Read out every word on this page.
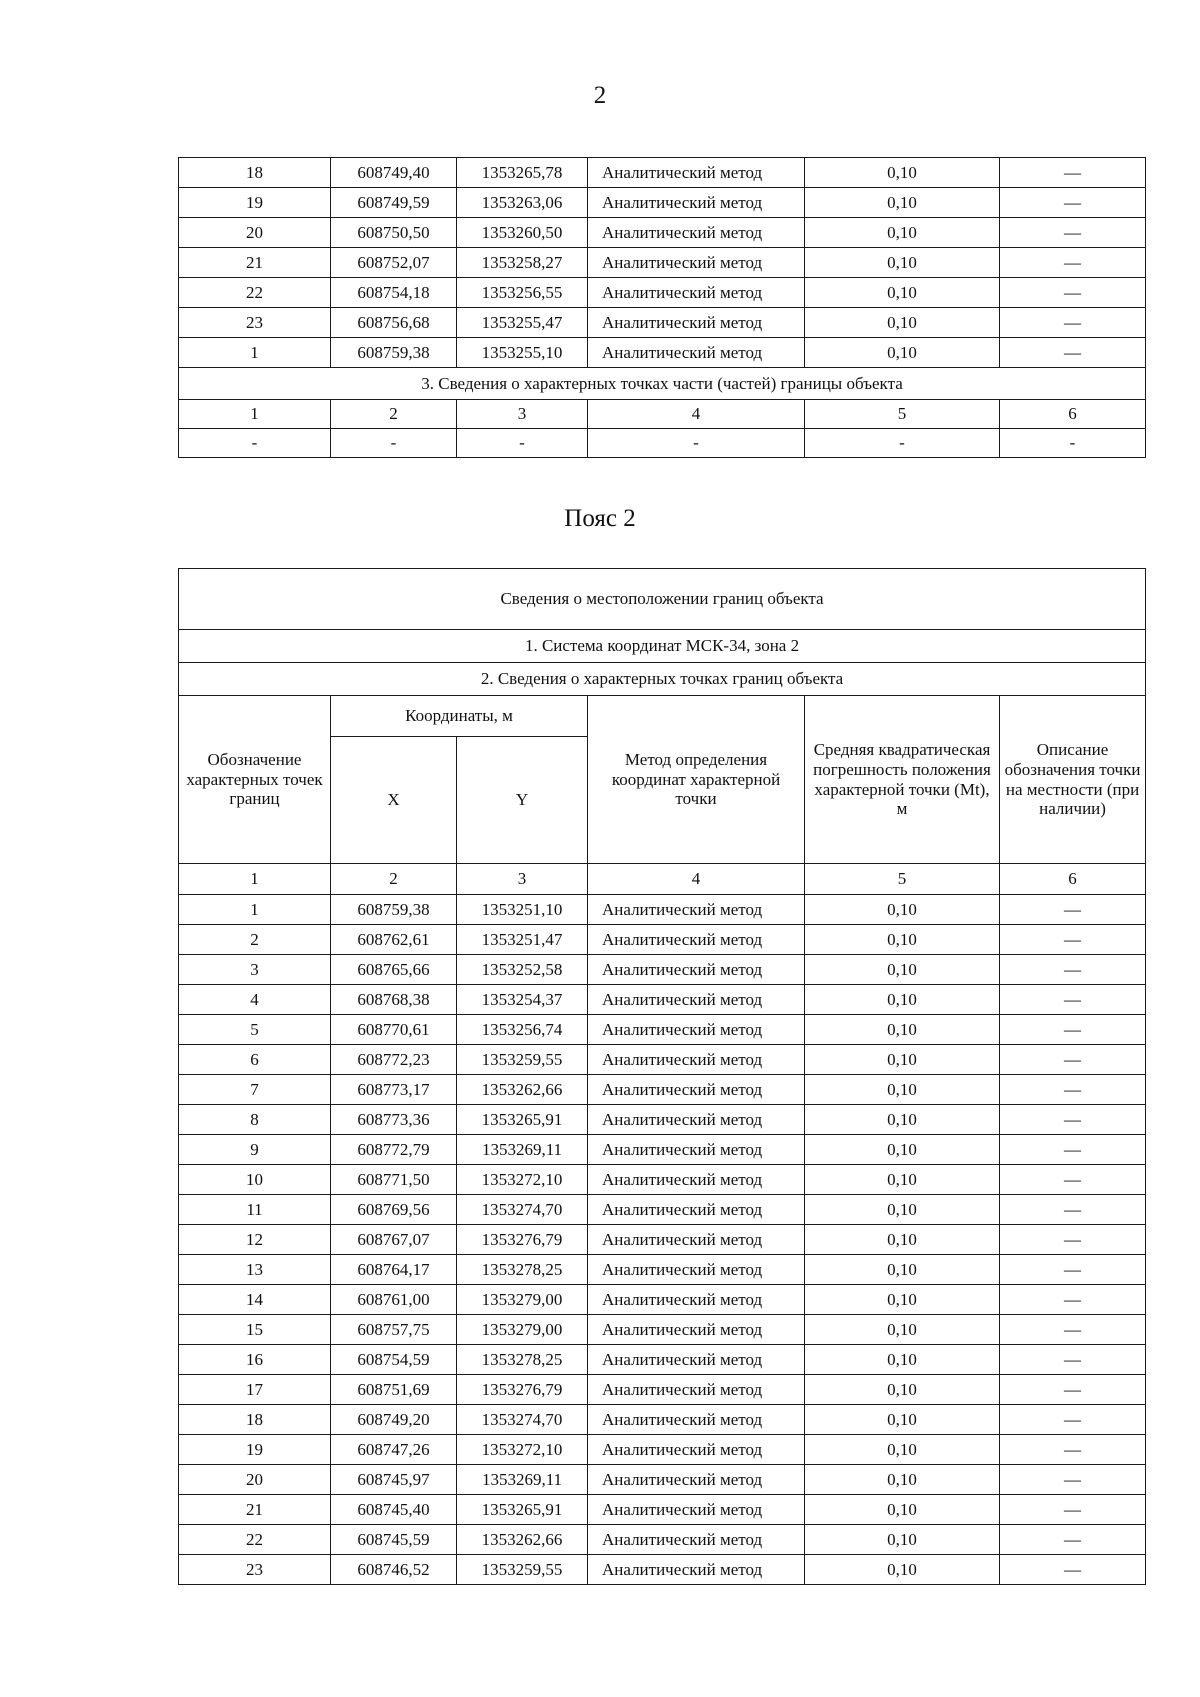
2
18	608749,40	1353265,78	Аналитический метод	0,10	—
19	608749,59	1353263,06	Аналитический метод	0,10	—
20	608750,50	1353260,50	Аналитический метод	0,10	—
21	608752,07	1353258,27	Аналитический метод	0,10	—
22	608754,18	1353256,55	Аналитический метод	0,10	—
23	608756,68	1353255,47	Аналитический метод	0,10	—
1	608759,38	1353255,10	Аналитический метод	0,10	—
3. Сведения о характерных точках части (частей) границы объекта					
1	2	3	4	5	6
-	-	-	-	-	-
Пояс 2
Сведения о местоположении границ объекта					

1. Система координат МСК-34, зона 2					
2. Сведения о характерных точках границ объекта					
Обозначение характерных точек границ	Координаты, м		Метод определения координат характерной точки	Средняя квадратическая погрешность положения характерной точки (Mt), м	Описание обозначения точки на местности (при наличии)
	X	Y			
1	2	3	4	5	6
1	608759,38	1353251,10	Аналитический метод	0,10	—
2	608762,61	1353251,47	Аналитический метод	0,10	—
3	608765,66	1353252,58	Аналитический метод	0,10	—
4	608768,38	1353254,37	Аналитический метод	0,10	—
5	608770,61	1353256,74	Аналитический метод	0,10	—
6	608772,23	1353259,55	Аналитический метод	0,10	—
7	608773,17	1353262,66	Аналитический метод	0,10	—
8	608773,36	1353265,91	Аналитический метод	0,10	—
9	608772,79	1353269,11	Аналитический метод	0,10	—
10	608771,50	1353272,10	Аналитический метод	0,10	—
11	608769,56	1353274,70	Аналитический метод	0,10	—
12	608767,07	1353276,79	Аналитический метод	0,10	—
13	608764,17	1353278,25	Аналитический метод	0,10	—
14	608761,00	1353279,00	Аналитический метод	0,10	—
15	608757,75	1353279,00	Аналитический метод	0,10	—
16	608754,59	1353278,25	Аналитический метод	0,10	—
17	608751,69	1353276,79	Аналитический метод	0,10	—
18	608749,20	1353274,70	Аналитический метод	0,10	—
19	608747,26	1353272,10	Аналитический метод	0,10	—
20	608745,97	1353269,11	Аналитический метод	0,10	—
21	608745,40	1353265,91	Аналитический метод	0,10	—
22	608745,59	1353262,66	Аналитический метод	0,10	—
23	608746,52	1353259,55	Аналитический метод	0,10	—
